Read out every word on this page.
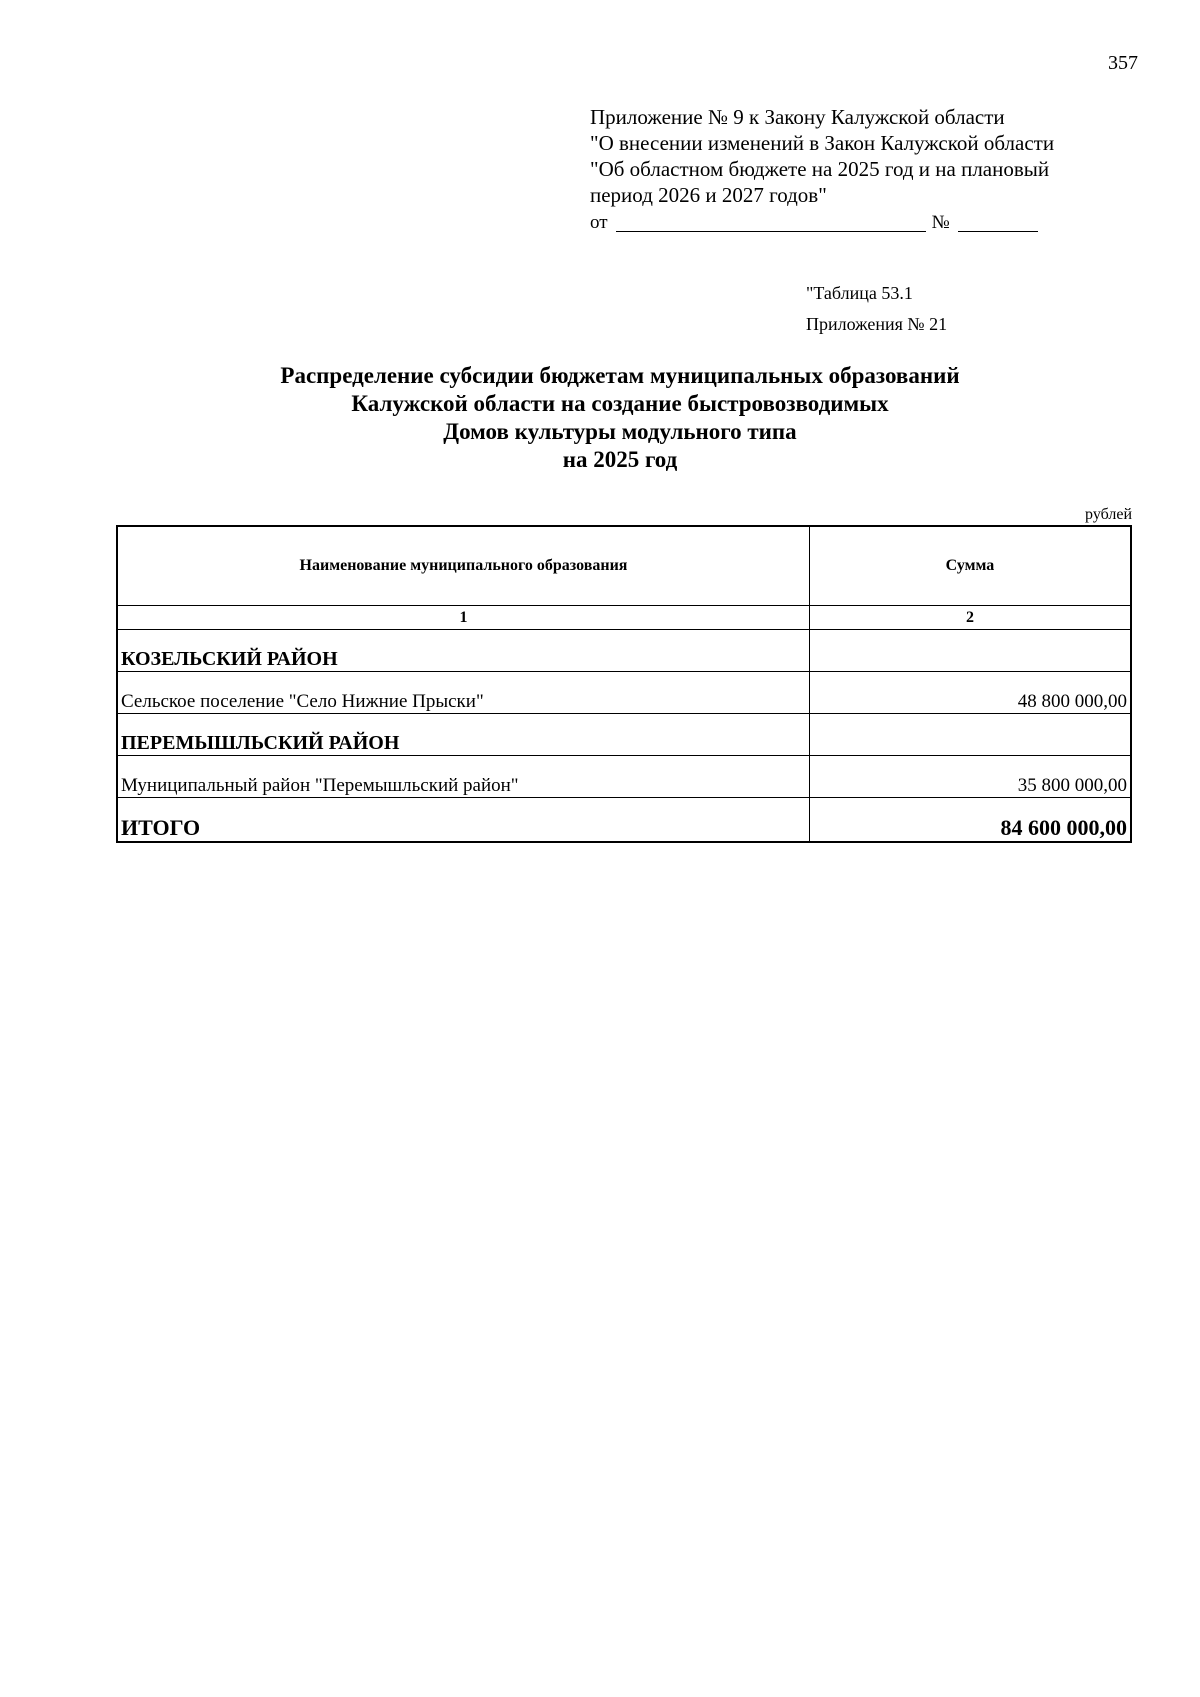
357
Приложение № 9 к Закону Калужской области
"О внесении изменений в Закон Калужской области
"Об областном бюджете на 2025 год и на плановый
период 2026 и 2027 годов"
от	№
"Таблица 53.1
Приложения № 21
Распределение субсидии бюджетам муниципальных образований
Калужской области на создание быстровозводимых
Домов культуры модульного типа
на 2025 год
рублей
Наименование муниципального образования	Сумма
1	2
КОЗЕЛЬСКИЙ РАЙОН	
Сельское поселение "Село Нижние Прыски"	48 800 000,00
ПЕРЕМЫШЛЬСКИЙ РАЙОН	
Муниципальный район "Перемышльский район"	35 800 000,00
ИТОГО	84 600 000,00
